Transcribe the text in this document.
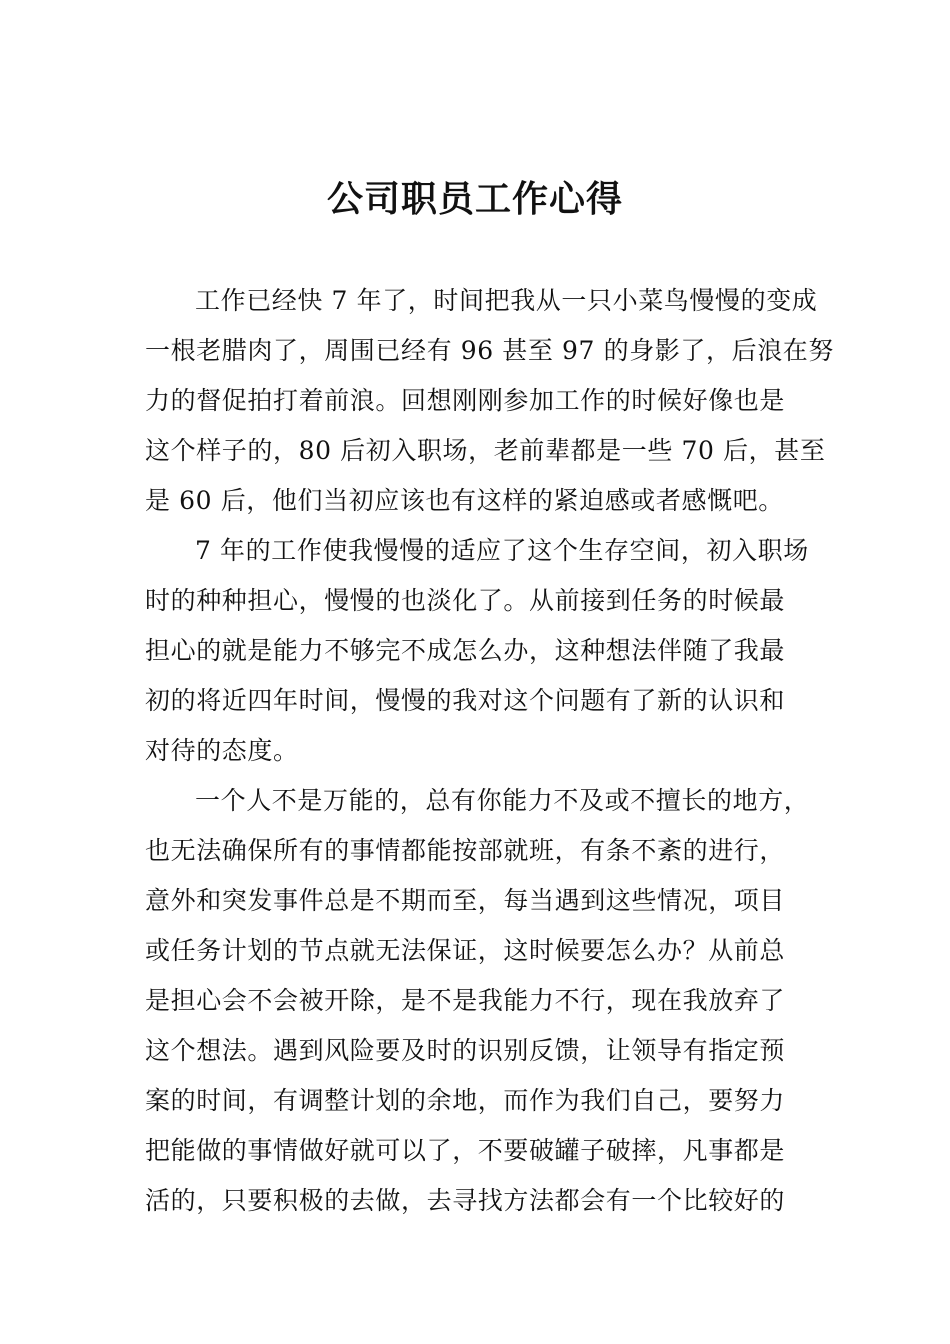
公司职员工作心得

工作已经快 7 年了，时间把我从一只小菜鸟慢慢的变成
一根老腊肉了，周围已经有 96 甚至 97 的身影了，后浪在努
力的督促拍打着前浪。回想刚刚参加工作的时候好像也是
这个样子的，80 后初入职场，老前辈都是一些 70 后，甚至
是 60 后，他们当初应该也有这样的紧迫感或者感慨吧。

7 年的工作使我慢慢的适应了这个生存空间，初入职场
时的种种担心，慢慢的也淡化了。从前接到任务的时候最
担心的就是能力不够完不成怎么办，这种想法伴随了我最
初的将近四年时间，慢慢的我对这个问题有了新的认识和
对待的态度。

一个人不是万能的，总有你能力不及或不擅长的地方，
也无法确保所有的事情都能按部就班，有条不紊的进行，
意外和突发事件总是不期而至，每当遇到这些情况，项目
或任务计划的节点就无法保证，这时候要怎么办？从前总
是担心会不会被开除，是不是我能力不行，现在我放弃了
这个想法。遇到风险要及时的识别反馈，让领导有指定预
案的时间，有调整计划的余地，而作为我们自己，要努力
把能做的事情做好就可以了，不要破罐子破摔，凡事都是
活的，只要积极的去做，去寻找方法都会有一个比较好的
